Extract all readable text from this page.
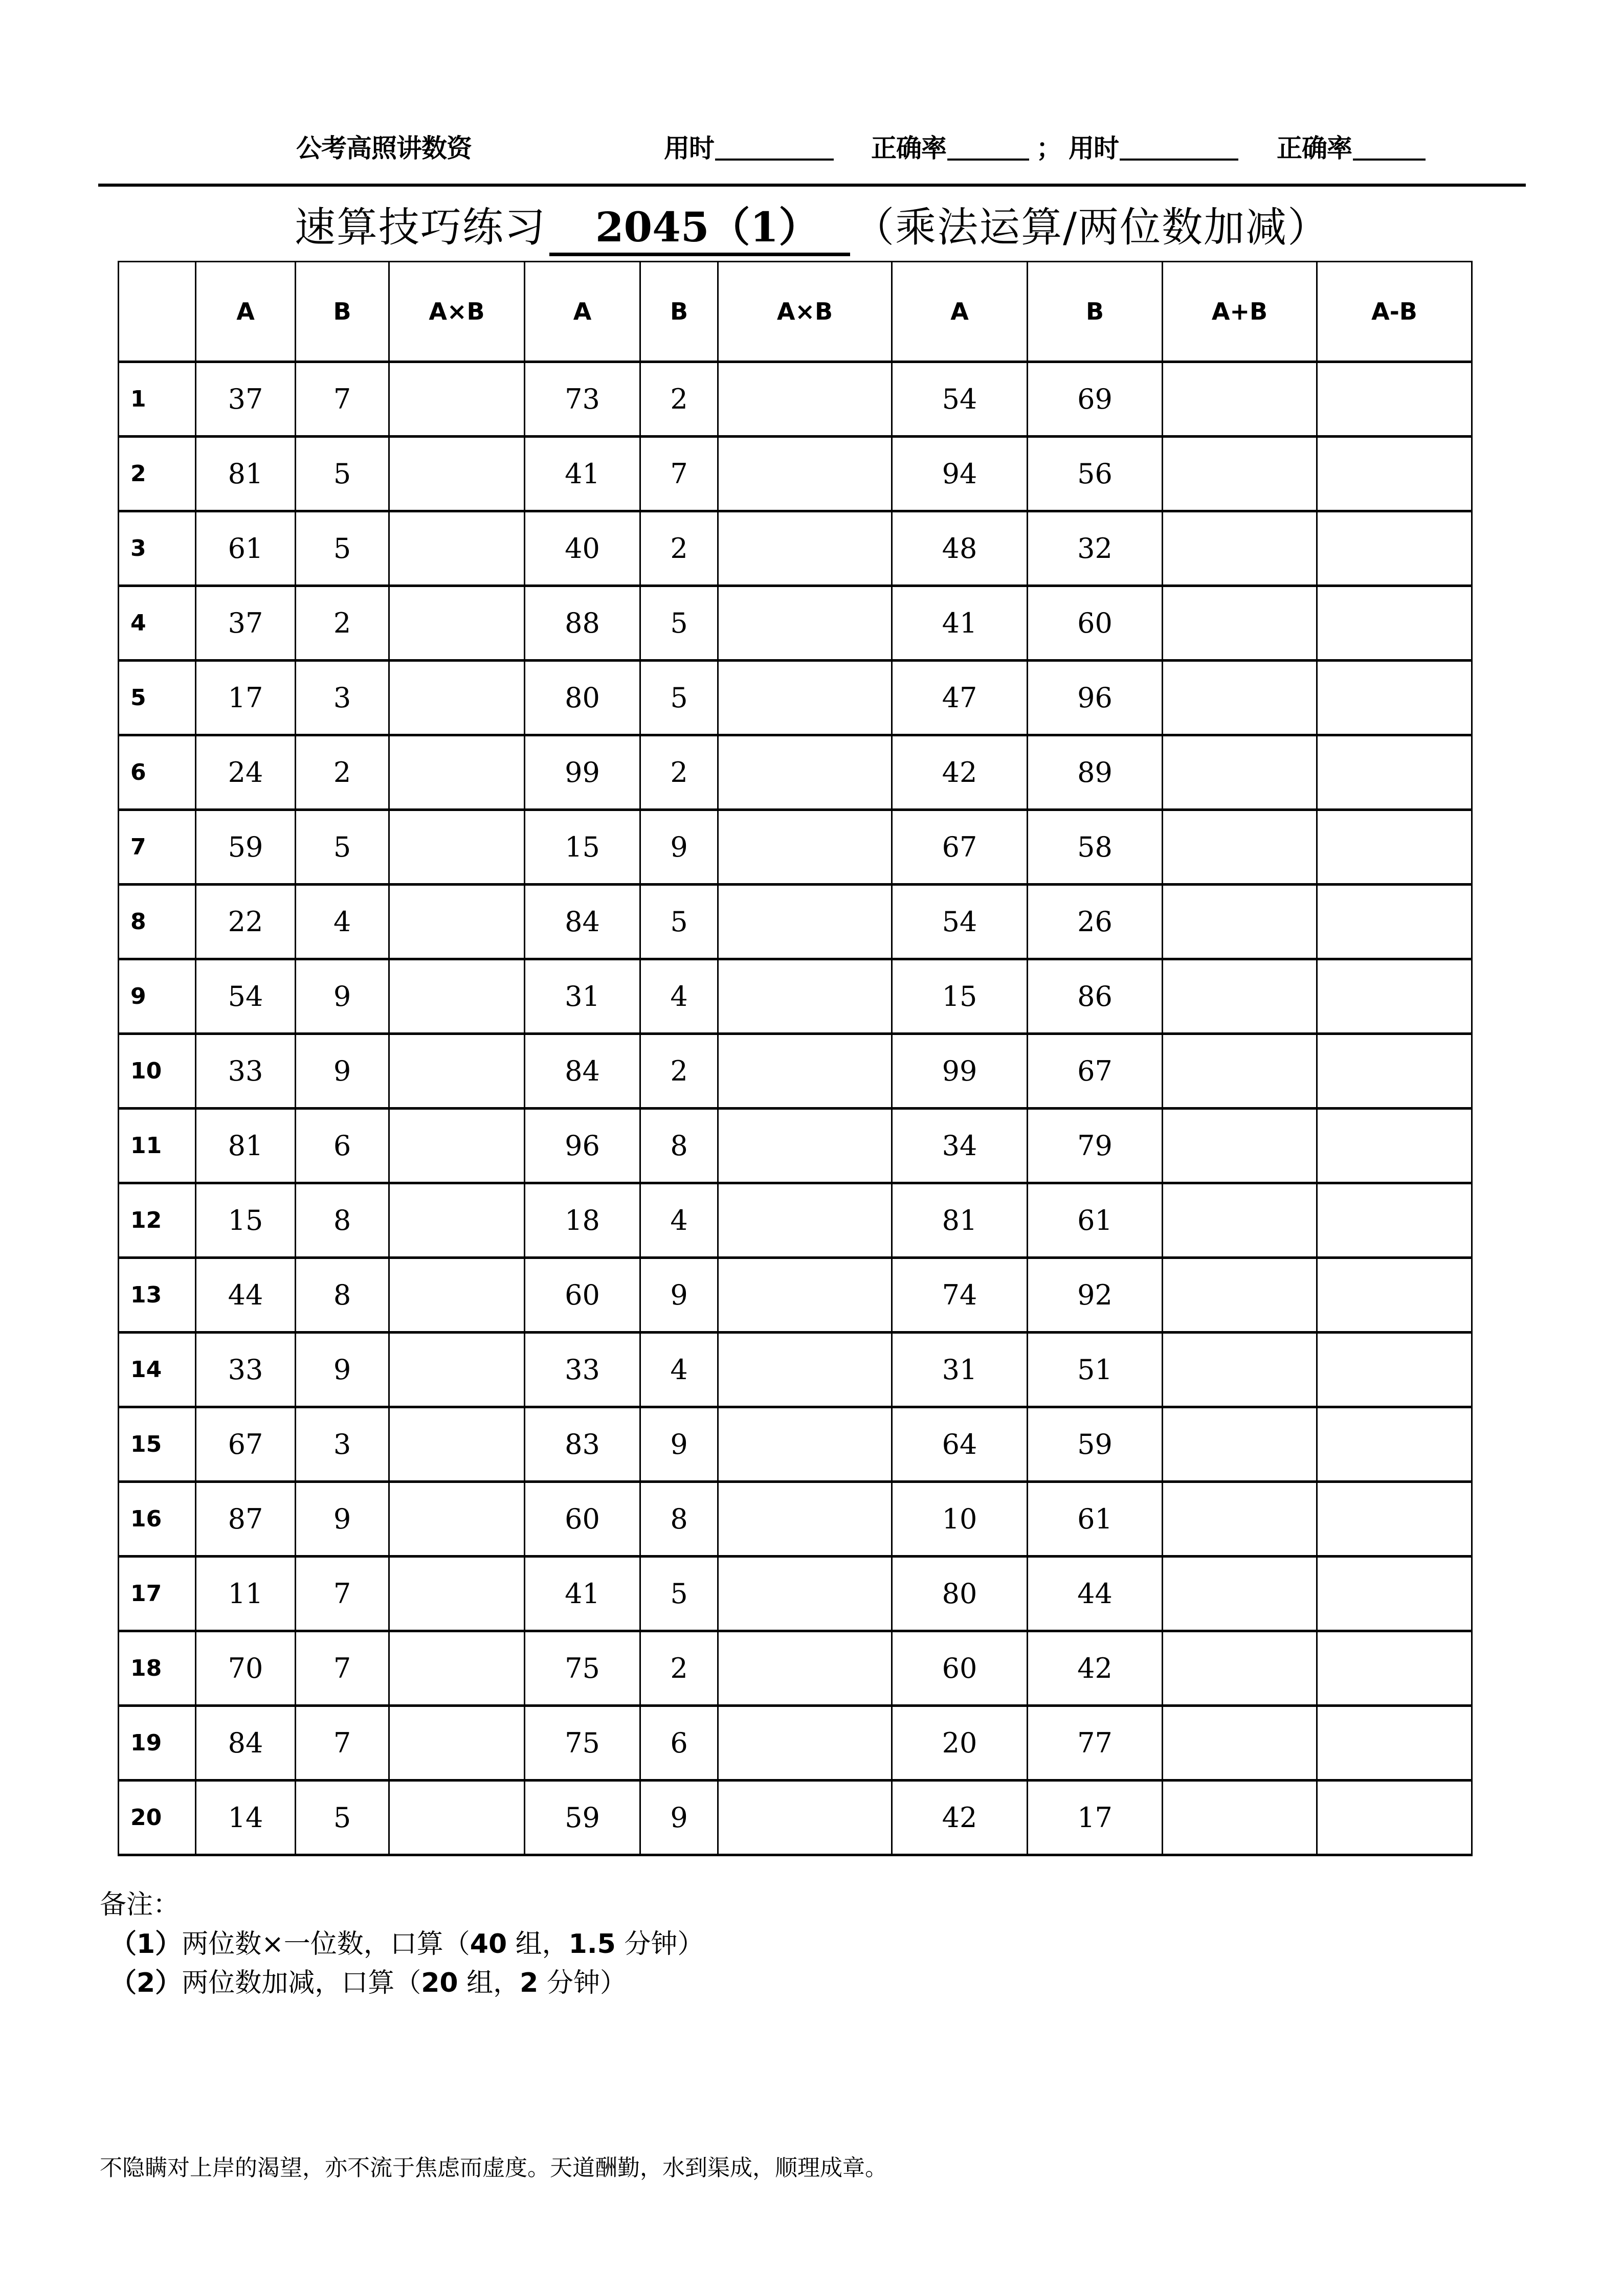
公考高照讲数资	用时	正确率	； 用时	正确率
速算技巧练习 2045（1） （乘法运算/两位数加减）
	A	B	A×B	A	B	A×B	A	B	A+B	A-B
1	37	7		73	2		54	69		
2	81	5		41	7		94	56		
3	61	5		40	2		48	32		
4	37	2		88	5		41	60		
5	17	3		80	5		47	96		
6	24	2		99	2		42	89		
7	59	5		15	9		67	58		
8	22	4		84	5		54	26		
9	54	9		31	4		15	86		
10	33	9		84	2		99	67		
11	81	6		96	8		34	79		
12	15	8		18	4		81	61		
13	44	8		60	9		74	92		
14	33	9		33	4		31	51		
15	67	3		83	9		64	59		
16	87	9		60	8		10	61		
17	11	7		41	5		80	44		
18	70	7		75	2		60	42		
19	84	7		75	6		20	77		
20	14	5		59	9		42	17		
备注：
（1）两位数×一位数，口算（40 组，1.5 分钟）
（2）两位数加减，口算（20 组，2 分钟）
不隐瞒对上岸的渴望，亦不流于焦虑而虚度。天道酬勤，水到渠成，顺理成章。
